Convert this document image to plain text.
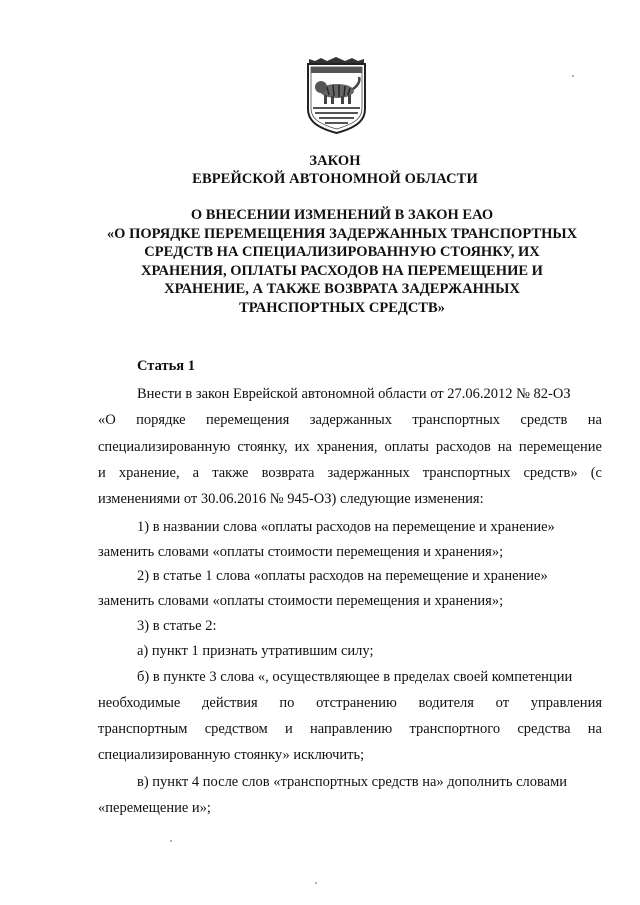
ЗАКОН
ЕВРЕЙСКОЙ АВТОНОМНОЙ ОБЛАСТИ
О ВНЕСЕНИИ ИЗМЕНЕНИЙ В ЗАКОН ЕАО
«О ПОРЯДКЕ ПЕРЕМЕЩЕНИЯ ЗАДЕРЖАННЫХ ТРАНСПОРТНЫХ
СРЕДСТВ НА СПЕЦИАЛИЗИРОВАННУЮ СТОЯНКУ, ИХ
ХРАНЕНИЯ, ОПЛАТЫ РАСХОДОВ НА ПЕРЕМЕЩЕНИЕ И
ХРАНЕНИЕ, А ТАКЖЕ ВОЗВРАТА ЗАДЕРЖАННЫХ
ТРАНСПОРТНЫХ СРЕДСТВ»
Статья 1
Внести в закон Еврейской автономной области от 27.06.2012 № 82-ОЗ
«О порядке перемещения задержанных транспортных средств на
специализированную стоянку, их хранения, оплаты расходов на перемещение
и хранение, а также возврата задержанных транспортных средств» (с
изменениями от 30.06.2016 № 945-ОЗ) следующие изменения:
1) в названии слова «оплаты расходов на перемещение и хранение»
заменить словами «оплаты стоимости перемещения и хранения»;
2) в статье 1 слова «оплаты расходов на перемещение и хранение»
заменить словами «оплаты стоимости перемещения и хранения»;
3) в статье 2:
а) пункт 1 признать утратившим силу;
б) в пункте 3 слова «, осуществляющее в пределах своей компетенции
необходимые действия по отстранению водителя от управления
транспортным средством и направлению транспортного средства на
специализированную стоянку» исключить;
в) пункт 4 после слов «транспортных средств на» дополнить словами
«перемещение и»;
